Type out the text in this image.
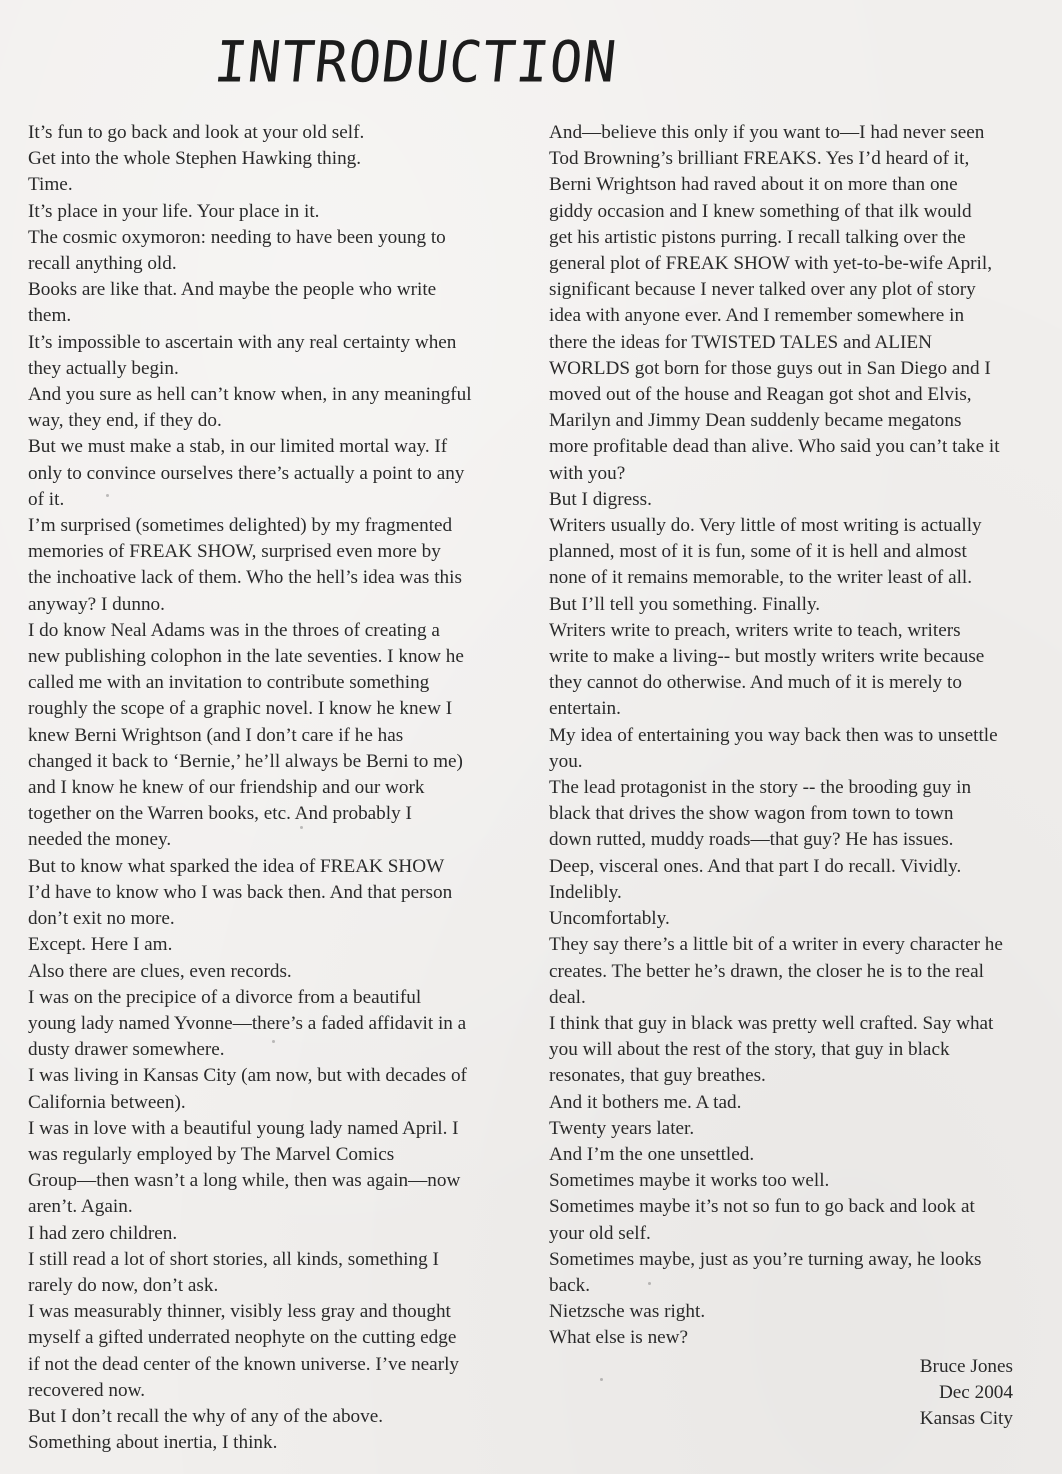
INTRODUCTION
It’s fun to go back and look at your old self.
Get into the whole Stephen Hawking thing.
Time.
It’s place in your life. Your place in it.
The cosmic oxymoron: needing to have been young to
recall anything old.
Books are like that. And maybe the people who write
them.
It’s impossible to ascertain with any real certainty when
they actually begin.
And you sure as hell can’t know when, in any meaningful
way, they end, if they do.
But we must make a stab, in our limited mortal way. If
only to convince ourselves there’s actually a point to any
of it.
I’m surprised (sometimes delighted) by my fragmented
memories of FREAK SHOW, surprised even more by
the inchoative lack of them. Who the hell’s idea was this
anyway? I dunno.
I do know Neal Adams was in the throes of creating a
new publishing colophon in the late seventies. I know he
called me with an invitation to contribute something
roughly the scope of a graphic novel. I know he knew I
knew Berni Wrightson (and I don’t care if he has
changed it back to ‘Bernie,’ he’ll always be Berni to me)
and I know he knew of our friendship and our work
together on the Warren books, etc. And probably I
needed the money.
But to know what sparked the idea of FREAK SHOW
I’d have to know who I was back then. And that person
don’t exit no more.
Except. Here I am.
Also there are clues, even records.
I was on the precipice of a divorce from a beautiful
young lady named Yvonne—there’s a faded affidavit in a
dusty drawer somewhere.
I was living in Kansas City (am now, but with decades of
California between).
I was in love with a beautiful young lady named April. I
was regularly employed by The Marvel Comics
Group—then wasn’t a long while, then was again—now
aren’t. Again.
I had zero children.
I still read a lot of short stories, all kinds, something I
rarely do now, don’t ask.
I was measurably thinner, visibly less gray and thought
myself a gifted underrated neophyte on the cutting edge
if not the dead center of the known universe. I’ve nearly
recovered now.
But I don’t recall the why of any of the above.
Something about inertia, I think.
And—believe this only if you want to—I had never seen
Tod Browning’s brilliant FREAKS. Yes I’d heard of it,
Berni Wrightson had raved about it on more than one
giddy occasion and I knew something of that ilk would
get his artistic pistons purring. I recall talking over the
general plot of FREAK SHOW with yet-to-be-wife April,
significant because I never talked over any plot of story
idea with anyone ever. And I remember somewhere in
there the ideas for TWISTED TALES and ALIEN
WORLDS got born for those guys out in San Diego and I
moved out of the house and Reagan got shot and Elvis,
Marilyn and Jimmy Dean suddenly became megatons
more profitable dead than alive. Who said you can’t take it
with you?
But I digress.
Writers usually do. Very little of most writing is actually
planned, most of it is fun, some of it is hell and almost
none of it remains memorable, to the writer least of all.
But I’ll tell you something. Finally.
Writers write to preach, writers write to teach, writers
write to make a living-- but mostly writers write because
they cannot do otherwise. And much of it is merely to
entertain.
My idea of entertaining you way back then was to unsettle
you.
The lead protagonist in the story -- the brooding guy in
black that drives the show wagon from town to town
down rutted, muddy roads—that guy? He has issues.
Deep, visceral ones. And that part I do recall. Vividly.
Indelibly.
Uncomfortably.
They say there’s a little bit of a writer in every character he
creates. The better he’s drawn, the closer he is to the real
deal.
I think that guy in black was pretty well crafted. Say what
you will about the rest of the story, that guy in black
resonates, that guy breathes.
And it bothers me. A tad.
Twenty years later.
And I’m the one unsettled.
Sometimes maybe it works too well.
Sometimes maybe it’s not so fun to go back and look at
your old self.
Sometimes maybe, just as you’re turning away, he looks
back.
Nietzsche was right.
What else is new?
Bruce Jones
Dec 2004
Kansas City
